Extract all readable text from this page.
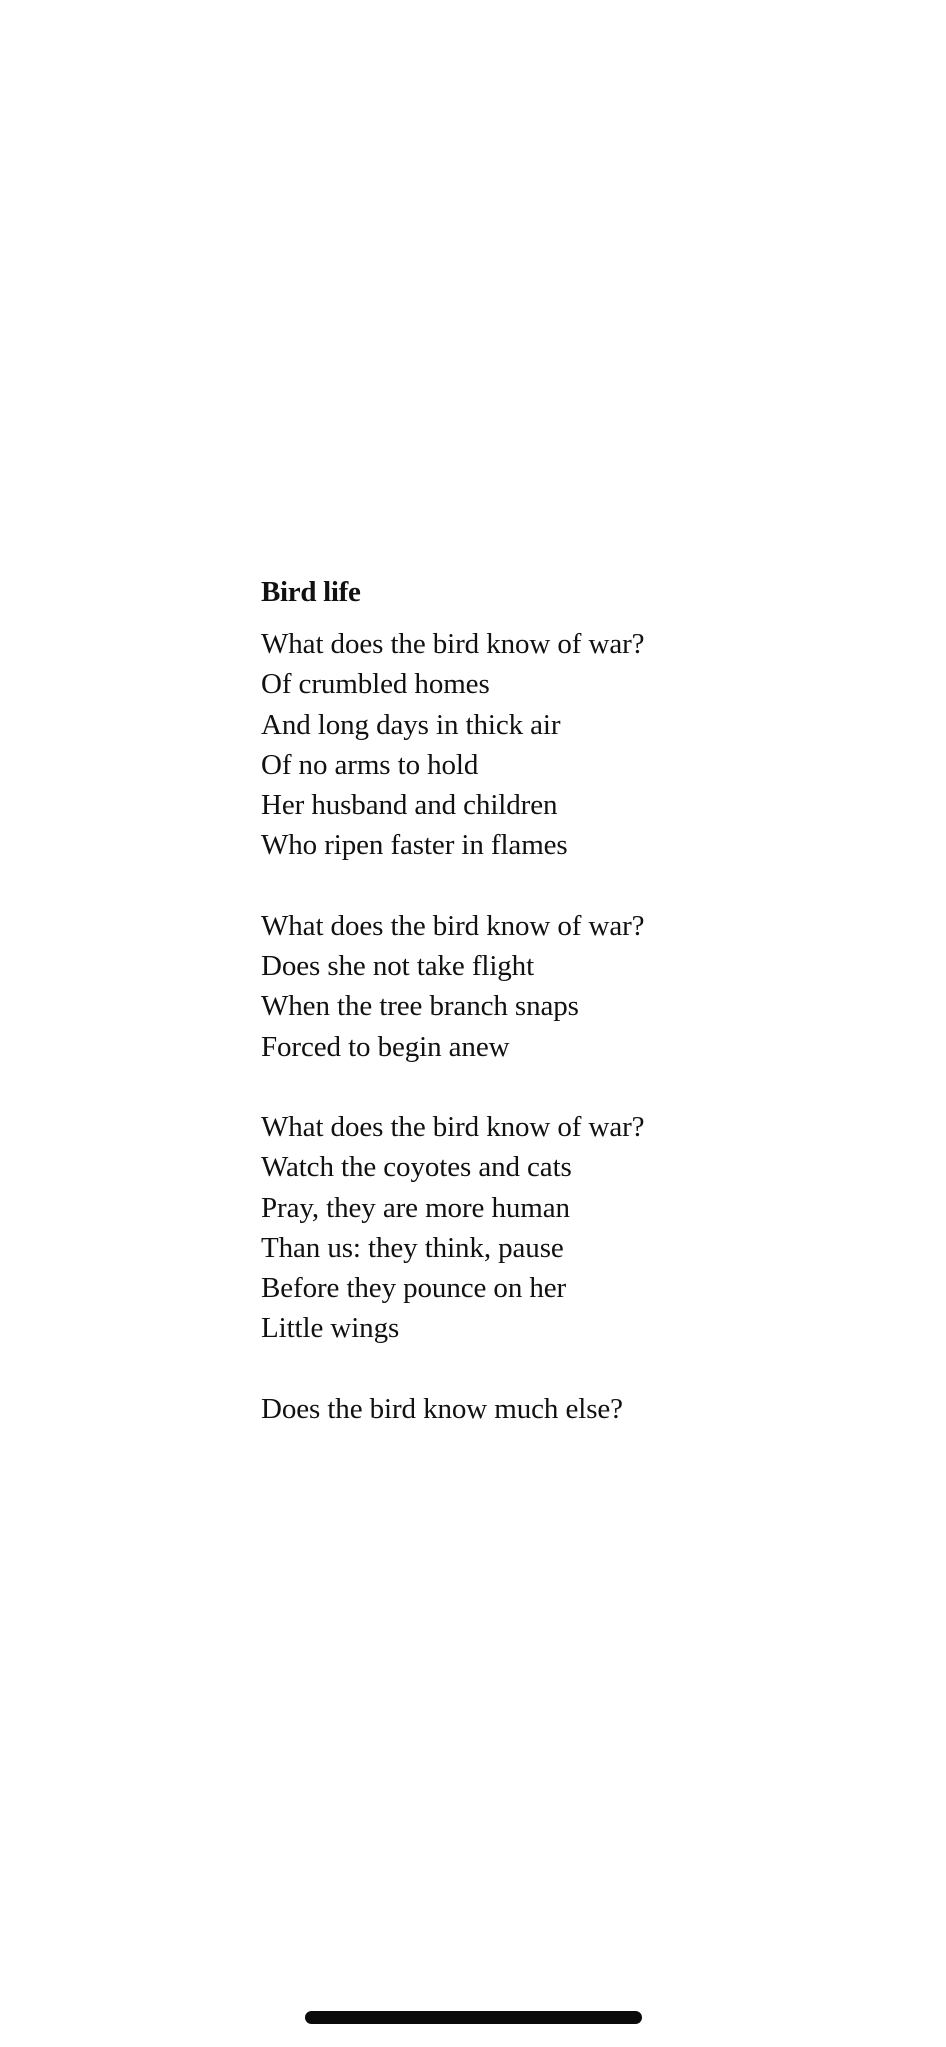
Bird life
What does the bird know of war?
Of crumbled homes
And long days in thick air
Of no arms to hold
Her husband and children
Who ripen faster in flames
What does the bird know of war?
Does she not take flight
When the tree branch snaps
Forced to begin anew
What does the bird know of war?
Watch the coyotes and cats
Pray, they are more human
Than us: they think, pause
Before they pounce on her
Little wings
Does the bird know much else?
